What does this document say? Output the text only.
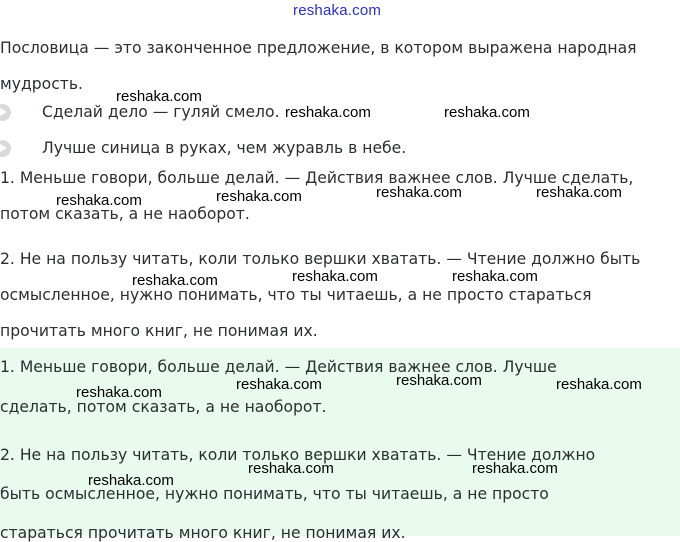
reshaka.com

Пословица — это законченное предложение, в котором выражена народная
мудрость.

Сделай дело — гуляй смело.
Лучше синица в руках, чем журавль в небе.

1. Меньше говори, больше делай. — Действия важнее слов. Лучше сделать,

потом сказать, а не наоборот.

2. Не на пользу читать, коли только вершки хватать. — Чтение должно быть

осмысленное, нужно понимать, что ты читаешь, а не просто стараться

прочитать много книг, не понимая их.

1. Меньше говори, больше делай. — Действия важнее слов. Лучше

сделать, потом сказать, а не наоборот.

2. Не на пользу читать, коли только вершки хватать. — Чтение должно

быть осмысленное, нужно понимать, что ты читаешь, а не просто

стараться прочитать много книг, не понимая их.

reshaka.com
reshaka.com	reshaka.com
reshaka.com	reshaka.com
reshaka.com	reshaka.com
reshaka.com	reshaka.com
reshaka.com
reshaka.com
reshaka.com	reshaka.com
reshaka.com
reshaka.com	reshaka.com
reshaka.com
